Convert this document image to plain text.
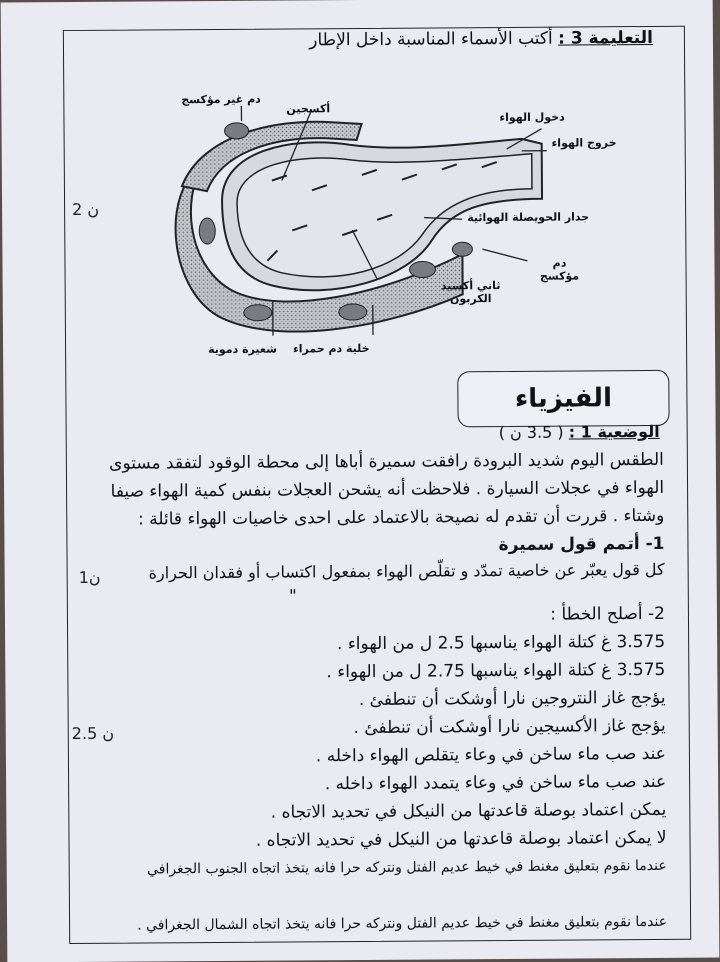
التعليمة 3 : أكتب الأسماء المناسبة داخل الإطار
2 ن
1ن
2.5 ن
دم غير مؤكسج
أكسجين
دخول الهواء
خروج الهواء
جدار الحويصلة الهوائية
دم مؤكسج
ثاني أكسيد الكربون
خلية دم حمراء
شعيرة دموية
الفيزياء
الوضعية 1 : ( 3.5 ن )
الطقس اليوم شديد البرودة رافقت سميرة أباها إلى محطة الوقود لتفقد مستوى
الهواء في عجلات السيارة . فلاحظت أنه يشحن العجلات بنفس كمية الهواء صيفا
وشتاء . قررت أن تقدم له نصيحة بالاعتماد على احدى خاصيات الهواء قائلة :
1- أتمم قول سميرة
كل قول يعبّر عن خاصية تمدّد و تقلّص الهواء بمفعول اكتساب أو فقدان الحرارة
"
2- أصلح الخطأ :
3.575 غ كتلة الهواء يناسبها 2.5 ل من الهواء .
3.575 غ كتلة الهواء يناسبها 2.75 ل من الهواء .
يؤجج غاز النتروجين نارا أوشكت أن تنطفئ .
يؤجج غاز الأكسيجين نارا أوشكت أن تنطفئ .
عند صب ماء ساخن في وعاء يتقلص الهواء داخله .
عند صب ماء ساخن في وعاء يتمدد الهواء داخله .
يمكن اعتماد بوصلة قاعدتها من النيكل في تحديد الاتجاه .
لا يمكن اعتماد بوصلة قاعدتها من النيكل في تحديد الاتجاه .
عندما نقوم بتعليق مغنط في خيط عديم الفتل ونتركه حرا فانه يتخذ اتجاه الجنوب الجغرافي
عندما نقوم بتعليق مغنط في خيط عديم الفتل ونتركه حرا فانه يتخذ اتجاه الشمال الجغرافي .
